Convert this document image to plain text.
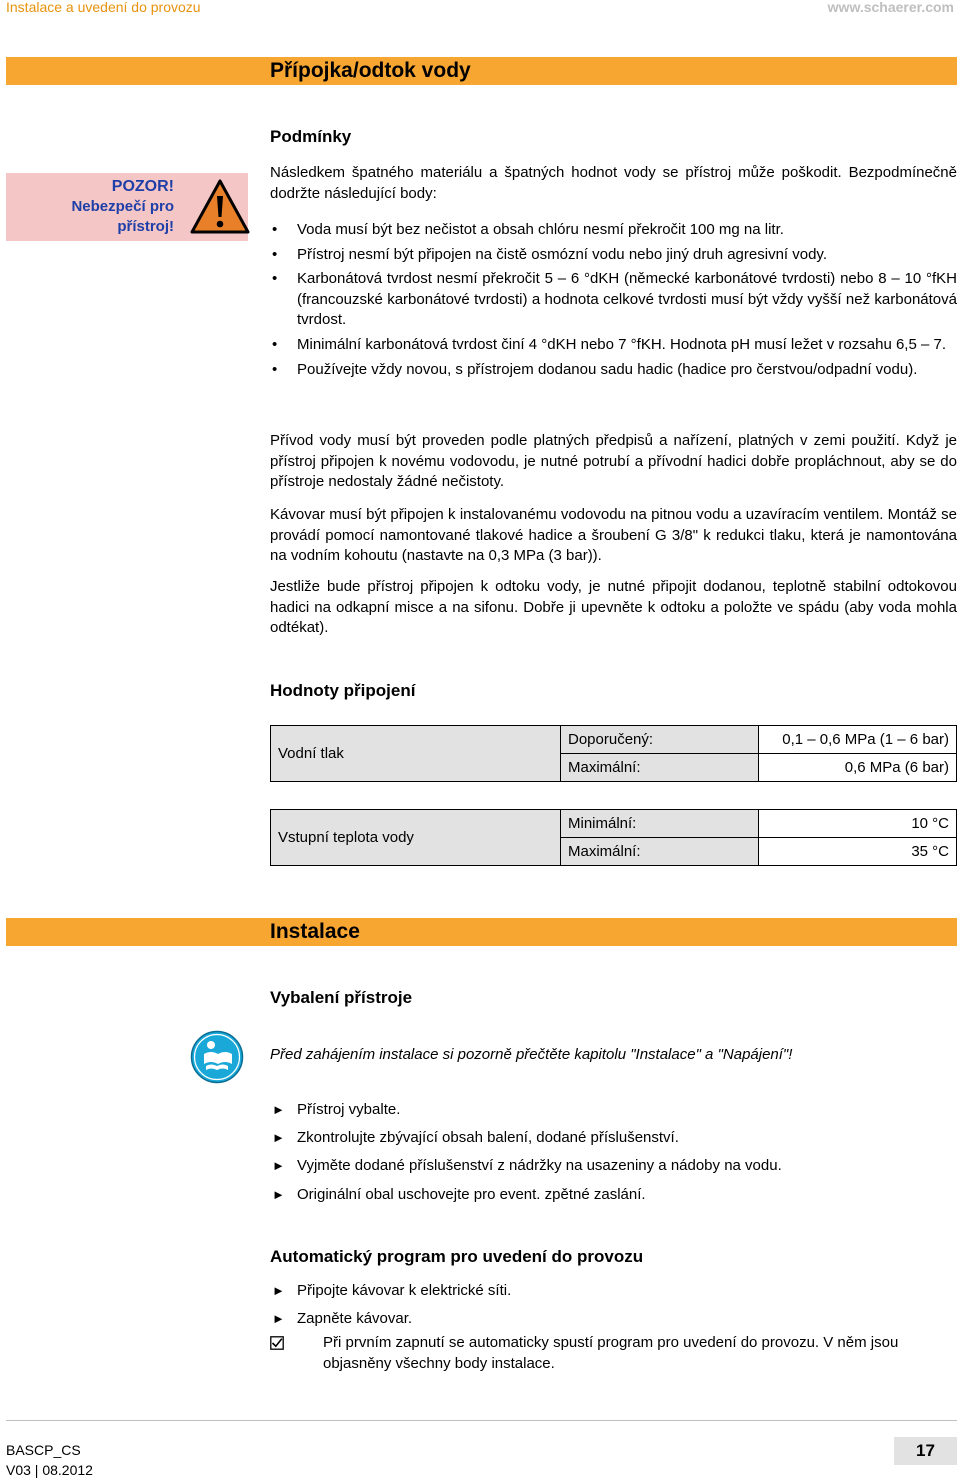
Instalace a uvedení do provozu	www.schaerer.com
Přípojka/odtok vody
Podmínky
POZOR!
Nebezpečí pro
přístroj!
Následkem špatného materiálu a špatných hodnot vody se přístroj může poškodit. Bezpodmínečně dodržte následující body:
• Voda musí být bez nečistot a obsah chlóru nesmí překročit 100 mg na litr.
• Přístroj nesmí být připojen na čistě osmózní vodu nebo jiný druh agresivní vody.
• Karbonátová tvrdost nesmí překročit 5 – 6 °dKH (německé karbonátové tvrdosti) nebo 8 – 10 °fKH (francouzské karbonátové tvrdosti) a hodnota celkové tvrdosti musí být vždy vyšší než karbonátová tvrdost.
• Minimální karbonátová tvrdost činí 4 °dKH nebo 7 °fKH. Hodnota pH musí ležet v rozsahu 6,5 – 7.
• Používejte vždy novou, s přístrojem dodanou sadu hadic (hadice pro čerstvou/odpadní vodu).
Přívod vody musí být proveden podle platných předpisů a nařízení, platných v zemi použití. Když je přístroj připojen k novému vodovodu, je nutné potrubí a přívodní hadici dobře propláchnout, aby se do přístroje nedostaly žádné nečistoty.
Kávovar musí být připojen k instalovanému vodovodu na pitnou vodu a uzavíracím ventilem. Montáž se provádí pomocí namontované tlakové hadice a šroubení G 3/8" k redukci tlaku, která je namontována na vodním kohoutu (nastavte na 0,3 MPa (3 bar)).
Jestliže bude přístroj připojen k odtoku vody, je nutné připojit dodanou, teplotně stabilní odtokovou hadici na odkapní misce a na sifonu. Dobře ji upevněte k odtoku a položte ve spádu (aby voda mohla odtékat).
Hodnoty připojení
Vodní tlak	Doporučený:	0,1 – 0,6 MPa (1 – 6 bar)
	Maximální:	0,6 MPa (6 bar)
Vstupní teplota vody	Minimální:	10 °C
	Maximální:	35 °C
Instalace
Vybalení přístroje
Před zahájením instalace si pozorně přečtěte kapitolu "Instalace" a "Napájení"!
► Přístroj vybalte.
► Zkontrolujte zbývající obsah balení, dodané příslušenství.
► Vyjměte dodané příslušenství z nádržky na usazeniny a nádoby na vodu.
► Originální obal uschovejte pro event. zpětné zaslání.
Automatický program pro uvedení do provozu
► Připojte kávovar k elektrické síti.
► Zapněte kávovar.
Při prvním zapnutí se automaticky spustí program pro uvedení do provozu. V něm jsou objasněny všechny body instalace.
BASCP_CS
V03 | 08.2012
17
